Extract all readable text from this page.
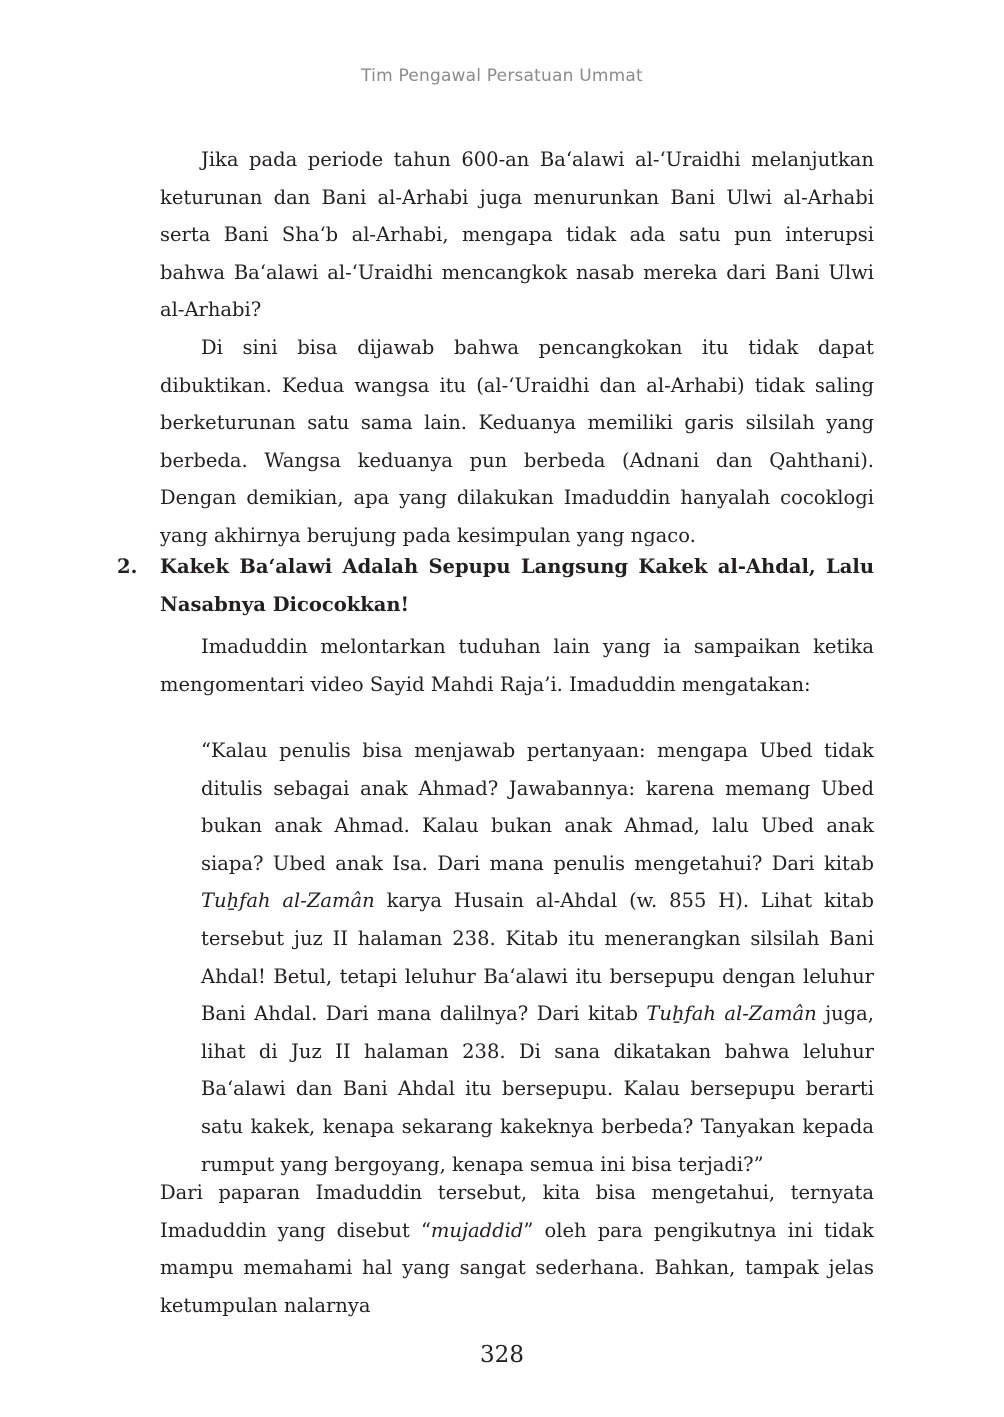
Tim Pengawal Persatuan Ummat

Jika pada periode tahun 600-an Ba‘alawi al-‘Uraidhi melanjutkan keturunan dan Bani al-Arhabi juga menurunkan Bani Ulwi al-Arhabi serta Bani Sha‘b al-Arhabi, mengapa tidak ada satu pun interupsi bahwa Ba‘alawi al-‘Uraidhi mencangkok nasab mereka dari Bani Ulwi al-Arhabi?

Di sini bisa dijawab bahwa pencangkokan itu tidak dapat dibuktikan. Kedua wangsa itu (al-‘Uraidhi dan al-Arhabi) tidak saling berketurunan satu sama lain. Keduanya memiliki garis silsilah yang berbeda. Wangsa keduanya pun berbeda (Adnani dan Qahthani). Dengan demikian, apa yang dilakukan Imaduddin hanyalah cocoklogi yang akhirnya berujung pada kesimpulan yang ngaco.

2. Kakek Ba‘alawi Adalah Sepupu Langsung Kakek al-Ahdal, Lalu Nasabnya Dicocokkan!

Imaduddin melontarkan tuduhan lain yang ia sampaikan ketika mengomentari video Sayid Mahdi Raja’i. Imaduddin mengatakan:

“Kalau penulis bisa menjawab pertanyaan: mengapa Ubed tidak ditulis sebagai anak Ahmad? Jawabannya: karena memang Ubed bukan anak Ahmad. Kalau bukan anak Ahmad, lalu Ubed anak siapa? Ubed anak Isa. Dari mana penulis mengetahui? Dari kitab Tuẖfah al-Zamân karya Husain al-Ahdal (w. 855 H). Lihat kitab tersebut juz II halaman 238. Kitab itu menerangkan silsilah Bani Ahdal! Betul, tetapi leluhur Ba‘alawi itu bersepupu dengan leluhur Bani Ahdal. Dari mana dalilnya? Dari kitab Tuẖfah al-Zamân juga, lihat di Juz II halaman 238. Di sana dikatakan bahwa leluhur Ba‘alawi dan Bani Ahdal itu bersepupu. Kalau bersepupu berarti satu kakek, kenapa sekarang kakeknya berbeda? Tanyakan kepada rumput yang bergoyang, kenapa semua ini bisa terjadi?”

Dari paparan Imaduddin tersebut, kita bisa mengetahui, ternyata Imaduddin yang disebut “mujaddid” oleh para pengikutnya ini tidak mampu memahami hal yang sangat sederhana. Bahkan, tampak jelas ketumpulan nalarnya

328
